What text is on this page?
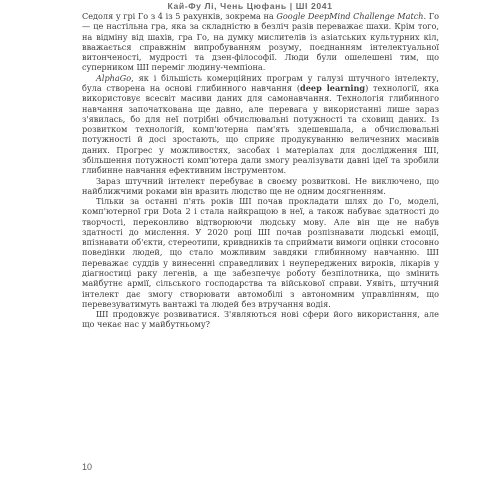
Кай-Фу Лі, Чень Цюфань | ШІ 2041

Седоля у грі Го з 4 із 5 рахунків, зокрема на Google DeepMind Challenge Match. Го — це настільна гра, яка за складністю в безліч разів переважає шахи. Крім того, на відміну від шахів, гра Го, на думку мислителів із азіатських культурних кіл, вважається справжнім випробуванням розуму, поєднанням інтелектуальної витонченості, мудрості та дзен-філософії. Люди були ошелешені тим, що суперником ШІ переміг людину-чемпіона.

AlphaGo, як і більшість комерційних програм у галузі штучного інтелекту, була створена на основі глибинного навчання (deep learning) технології, яка використовує всесвіт масиви даних для самонавчання. Технологія глибинного навчання започаткована ще давно, але перевага у використанні лише зараз з'явилась, бо для неї потрібні обчислювальні потужності та сховищ даних. Із розвитком технологій, комп'ютерна пам'ять здешевшала, а обчислювальні потужності й досі зростають, що сприяє продукуванню величезних масивів даних. Прогрес у можливостях, засобах і матеріалах для дослідження ШІ, збільшення потужності комп'ютера дали змогу реалізувати давні ідеї та зробили глибинне навчання ефективним інструментом.

Зараз штучний інтелект перебуває в своєму розвиткові. Не виключено, що найближчими роками він вразить людство ще не одним досягненням.

Тільки за останні п'ять років ШІ почав прокладати шлях до Го, моделі, комп'ютерної гри Dota 2 і стала найкращою в неї, а також набуває здатності до творчості, переконливо відтворюючи людську мову. Але він ще не набув здатності до мислення. У 2020 році ШІ почав розпізнавати людські емоції, впізнавати об'єкти, стереотипи, кривдників та сприймати вимоги оцінки стосовно поведінки людей, що стало можливим завдяки глибинному навчанню. ШІ переважає суддів у винесенні справедливих і неупереджених вироків, лікарів у діагностиці раку легенів, а ще забезпечує роботу безпілотника, що змінить майбутнє армії, сільського господарства та військової справи. Уявіть, штучний інтелект дає змогу створювати автомобілі з автономним управлінням, що перевезуватимуть вантажі та людей без втручання водія.

ШІ продовжує розвиватися. З'являються нові сфери його використання, але що чекає нас у майбутньому?

10
